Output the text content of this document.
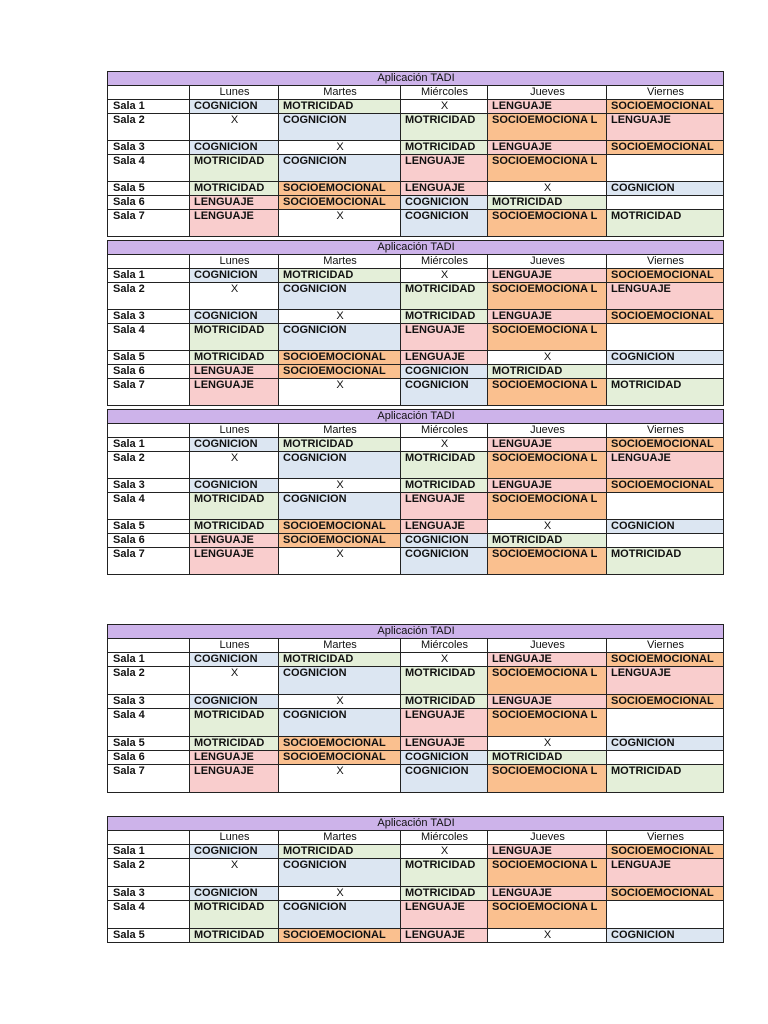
Aplicación TADI					
	Lunes	Martes	Miércoles	Jueves	Viernes
Sala 1	COGNICION	MOTRICIDAD	X	LENGUAJE	SOCIOEMOCIONAL
Sala 2	X	COGNICION	MOTRICIDAD	SOCIOEMOCIONA L	LENGUAJE
Sala 3	COGNICION	X	MOTRICIDAD	LENGUAJE	SOCIOEMOCIONAL
Sala 4	MOTRICIDAD	COGNICION	LENGUAJE	SOCIOEMOCIONA L	
Sala 5	MOTRICIDAD	SOCIOEMOCIONAL	LENGUAJE	X	COGNICION
Sala 6	LENGUAJE	SOCIOEMOCIONAL	COGNICION	MOTRICIDAD	
Sala 7	LENGUAJE	X	COGNICION	SOCIOEMOCIONA L	MOTRICIDAD
Aplicación TADI					
	Lunes	Martes	Miércoles	Jueves	Viernes
Sala 1	COGNICION	MOTRICIDAD	X	LENGUAJE	SOCIOEMOCIONAL
Sala 2	X	COGNICION	MOTRICIDAD	SOCIOEMOCIONA L	LENGUAJE
Sala 3	COGNICION	X	MOTRICIDAD	LENGUAJE	SOCIOEMOCIONAL
Sala 4	MOTRICIDAD	COGNICION	LENGUAJE	SOCIOEMOCIONA L	
Sala 5	MOTRICIDAD	SOCIOEMOCIONAL	LENGUAJE	X	COGNICION
Sala 6	LENGUAJE	SOCIOEMOCIONAL	COGNICION	MOTRICIDAD	
Sala 7	LENGUAJE	X	COGNICION	SOCIOEMOCIONA L	MOTRICIDAD
Aplicación TADI					
	Lunes	Martes	Miércoles	Jueves	Viernes
Sala 1	COGNICION	MOTRICIDAD	X	LENGUAJE	SOCIOEMOCIONAL
Sala 2	X	COGNICION	MOTRICIDAD	SOCIOEMOCIONA L	LENGUAJE
Sala 3	COGNICION	X	MOTRICIDAD	LENGUAJE	SOCIOEMOCIONAL
Sala 4	MOTRICIDAD	COGNICION	LENGUAJE	SOCIOEMOCIONA L	
Sala 5	MOTRICIDAD	SOCIOEMOCIONAL	LENGUAJE	X	COGNICION
Sala 6	LENGUAJE	SOCIOEMOCIONAL	COGNICION	MOTRICIDAD	
Sala 7	LENGUAJE	X	COGNICION	SOCIOEMOCIONA L	MOTRICIDAD
Aplicación TADI					
	Lunes	Martes	Miércoles	Jueves	Viernes
Sala 1	COGNICION	MOTRICIDAD	X	LENGUAJE	SOCIOEMOCIONAL
Sala 2	X	COGNICION	MOTRICIDAD	SOCIOEMOCIONA L	LENGUAJE
Sala 3	COGNICION	X	MOTRICIDAD	LENGUAJE	SOCIOEMOCIONAL
Sala 4	MOTRICIDAD	COGNICION	LENGUAJE	SOCIOEMOCIONA L	
Sala 5	MOTRICIDAD	SOCIOEMOCIONAL	LENGUAJE	X	COGNICION
Sala 6	LENGUAJE	SOCIOEMOCIONAL	COGNICION	MOTRICIDAD	
Sala 7	LENGUAJE	X	COGNICION	SOCIOEMOCIONA L	MOTRICIDAD
Aplicación TADI					
	Lunes	Martes	Miércoles	Jueves	Viernes
Sala 1	COGNICION	MOTRICIDAD	X	LENGUAJE	SOCIOEMOCIONAL
Sala 2	X	COGNICION	MOTRICIDAD	SOCIOEMOCIONA L	LENGUAJE
Sala 3	COGNICION	X	MOTRICIDAD	LENGUAJE	SOCIOEMOCIONAL
Sala 4	MOTRICIDAD	COGNICION	LENGUAJE	SOCIOEMOCIONA L	
Sala 5	MOTRICIDAD	SOCIOEMOCIONAL	LENGUAJE	X	COGNICION
